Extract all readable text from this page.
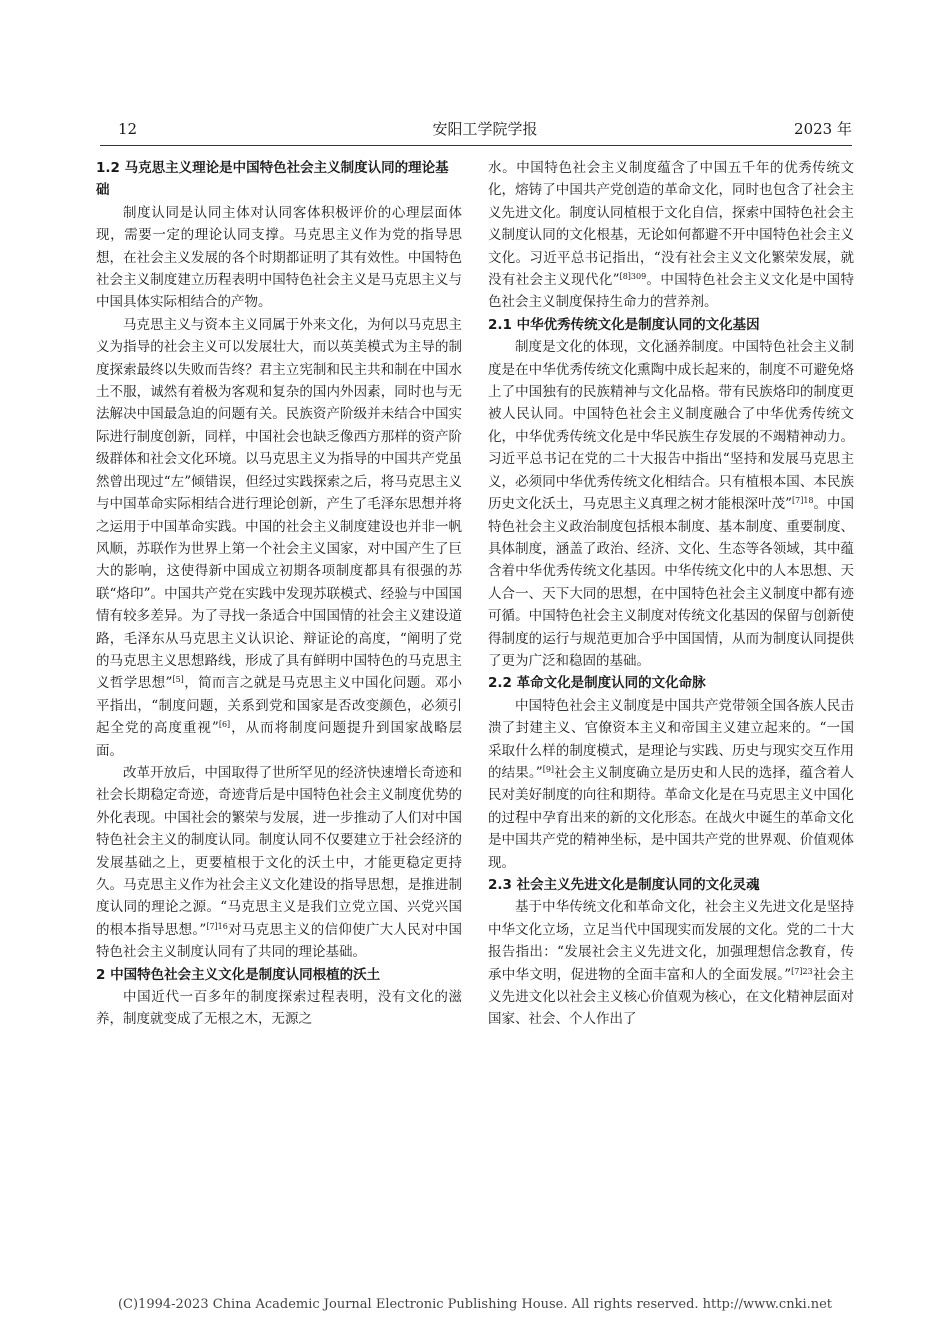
安阳工学院学报
12	2023 年
1.2 马克思主义理论是中国特色社会主义制度认同的理论基础

制度认同是认同主体对认同客体积极评价的心理层面体现，需要一定的理论认同支撑。马克思主义作为党的指导思想，在社会主义发展的各个时期都证明了其有效性。中国特色社会主义制度建立历程表明中国特色社会主义是马克思主义与中国具体实际相结合的产物。

马克思主义与资本主义同属于外来文化，为何以马克思主义为指导的社会主义可以发展壮大，而以英美模式为主导的制度探索最终以失败而告终？君主立宪制和民主共和制在中国水土不服，诚然有着极为客观和复杂的国内外因素，同时也与无法解决中国最急迫的问题有关。民族资产阶级并未结合中国实际进行制度创新，同样，中国社会也缺乏像西方那样的资产阶级群体和社会文化环境。以马克思主义为指导的中国共产党虽然曾出现过“左”倾错误，但经过实践探索之后，将马克思主义与中国革命实际相结合进行理论创新，产生了毛泽东思想并将之运用于中国革命实践。中国的社会主义制度建设也并非一帆风顺，苏联作为世界上第一个社会主义国家，对中国产生了巨大的影响，这使得新中国成立初期各项制度都具有很强的苏联“烙印”。中国共产党在实践中发现苏联模式、经验与中国国情有较多差异。为了寻找一条适合中国国情的社会主义建设道路，毛泽东从马克思主义认识论、辩证论的高度，“阐明了党的马克思主义思想路线，形成了具有鲜明中国特色的马克思主义哲学思想”[5]，简而言之就是马克思主义中国化问题。邓小平指出，“制度问题，关系到党和国家是否改变颜色，必须引起全党的高度重视”[6]，从而将制度问题提升到国家战略层面。

改革开放后，中国取得了世所罕见的经济快速增长奇迹和社会长期稳定奇迹，奇迹背后是中国特色社会主义制度优势的外化表现。中国社会的繁荣与发展，进一步推动了人们对中国特色社会主义的制度认同。制度认同不仅要建立于社会经济的发展基础之上，更要植根于文化的沃土中，才能更稳定更持久。马克思主义作为社会主义文化建设的指导思想，是推进制度认同的理论之源。“马克思主义是我们立党立国、兴党兴国的根本指导思想。”$^{[7]16}$对马克思主义的信仰使广大人民对中国特色社会主义制度认同有了共同的理论基础。

2 中国特色社会主义文化是制度认同根植的沃土

中国近代一百多年的制度探索过程表明，没有文化的滋养，制度就变成了无根之木，无源之

水。中国特色社会主义制度蕴含了中国五千年的优秀传统文化，熔铸了中国共产党创造的革命文化，同时也包含了社会主义先进文化。制度认同植根于文化自信，探索中国特色社会主义制度认同的文化根基，无论如何都避不开中国特色社会主义文化。习近平总书记指出，“没有社会主义文化繁荣发展，就没有社会主义现代化”$^{[8]309}$。中国特色社会主义文化是中国特色社会主义制度保持生命力的营养剂。

2.1 中华优秀传统文化是制度认同的文化基因

制度是文化的体现，文化涵养制度。中国特色社会主义制度是在中华优秀传统文化熏陶中成长起来的，制度不可避免烙上了中国独有的民族精神与文化品格。带有民族烙印的制度更被人民认同。中国特色社会主义制度融合了中华优秀传统文化，中华优秀传统文化是中华民族生存发展的不竭精神动力。习近平总书记在党的二十大报告中指出“坚持和发展马克思主义，必须同中华优秀传统文化相结合。只有植根本国、本民族历史文化沃土，马克思主义真理之树才能根深叶茂”$^{[7]18}$。中国特色社会主义政治制度包括根本制度、基本制度、重要制度、具体制度，涵盖了政治、经济、文化、生态等各领域，其中蕴含着中华优秀传统文化基因。中华传统文化中的人本思想、天人合一、天下大同的思想，在中国特色社会主义制度中都有迹可循。中国特色社会主义制度对传统文化基因的保留与创新使得制度的运行与规范更加合乎中国国情，从而为制度认同提供了更为广泛和稳固的基础。

2.2 革命文化是制度认同的文化命脉

中国特色社会主义制度是中国共产党带领全国各族人民击溃了封建主义、官僚资本主义和帝国主义建立起来的。“一国采取什么样的制度模式，是理论与实践、历史与现实交互作用的结果。”[9]社会主义制度确立是历史和人民的选择，蕴含着人民对美好制度的向往和期待。革命文化是在马克思主义中国化的过程中孕育出来的新的文化形态。在战火中诞生的革命文化是中国共产党的精神坐标，是中国共产党的世界观、价值观体现。

2.3 社会主义先进文化是制度认同的文化灵魂

基于中华传统文化和革命文化，社会主义先进文化是坚持中华文化立场，立足当代中国现实而发展的文化。党的二十大报告指出：“发展社会主义先进文化，加强理想信念教育，传承中华文明，促进物的全面丰富和人的全面发展。”$^{[7]23}$社会主义先进文化以社会主义核心价值观为核心，在文化精神层面对国家、社会、个人作出了

(C)1994-2023 China Academic Journal Electronic Publishing House. All rights reserved. http://www.cnki.net
